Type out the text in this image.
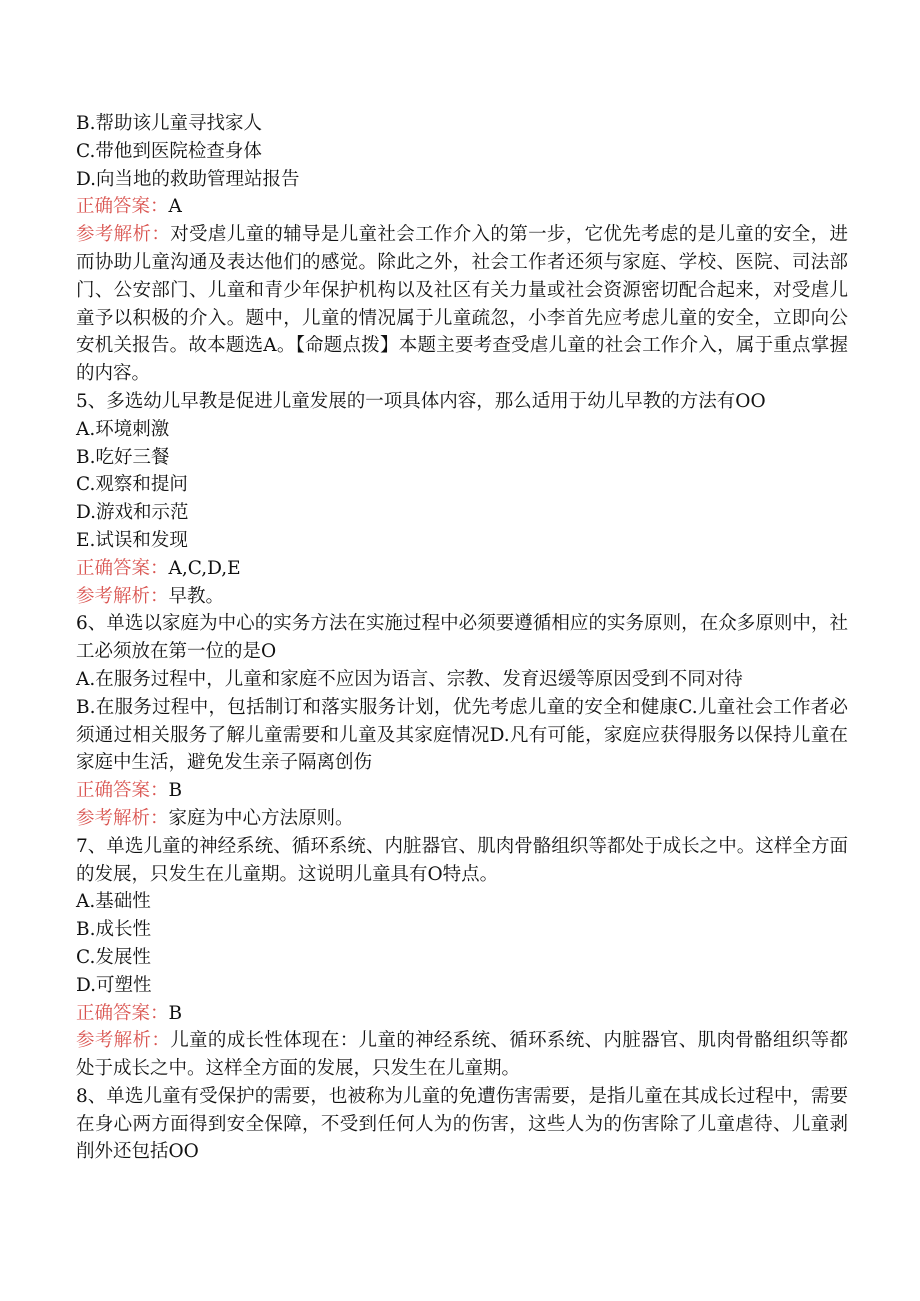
B.帮助该儿童寻找家人
C.带他到医院检查身体
D.向当地的救助管理站报告
正确答案：A
参考解析：对受虐儿童的辅导是儿童社会工作介入的第一步，它优先考虑的是儿童的安全，进而协助儿童沟通及表达他们的感觉。除此之外，社会工作者还须与家庭、学校、医院、司法部门、公安部门、儿童和青少年保护机构以及社区有关力量或社会资源密切配合起来，对受虐儿童予以积极的介入。题中，儿童的情况属于儿童疏忽，小李首先应考虑儿童的安全，立即向公安机关报告。故本题选A。【命题点拨】本题主要考查受虐儿童的社会工作介入，属于重点掌握的内容。
5、多选幼儿早教是促进儿童发展的一项具体内容，那么适用于幼儿早教的方法有OO
A.环境刺激
B.吃好三餐
C.观察和提问
D.游戏和示范
E.试误和发现
正确答案：A,C,D,E
参考解析：早教。
6、单选以家庭为中心的实务方法在实施过程中必须要遵循相应的实务原则，在众多原则中，社工必须放在第一位的是O
A.在服务过程中，儿童和家庭不应因为语言、宗教、发育迟缓等原因受到不同对待
B.在服务过程中，包括制订和落实服务计划，优先考虑儿童的安全和健康C.儿童社会工作者必须通过相关服务了解儿童需要和儿童及其家庭情况D.凡有可能，家庭应获得服务以保持儿童在家庭中生活，避免发生亲子隔离创伤
正确答案：B
参考解析：家庭为中心方法原则。
7、单选儿童的神经系统、循环系统、内脏器官、肌肉骨骼组织等都处于成长之中。这样全方面的发展，只发生在儿童期。这说明儿童具有O特点。
A.基础性
B.成长性
C.发展性
D.可塑性
正确答案：B
参考解析：儿童的成长性体现在：儿童的神经系统、循环系统、内脏器官、肌肉骨骼组织等都处于成长之中。这样全方面的发展，只发生在儿童期。
8、单选儿童有受保护的需要，也被称为儿童的免遭伤害需要，是指儿童在其成长过程中，需要在身心两方面得到安全保障，不受到任何人为的伤害，这些人为的伤害除了儿童虐待、儿童剥削外还包括OO
